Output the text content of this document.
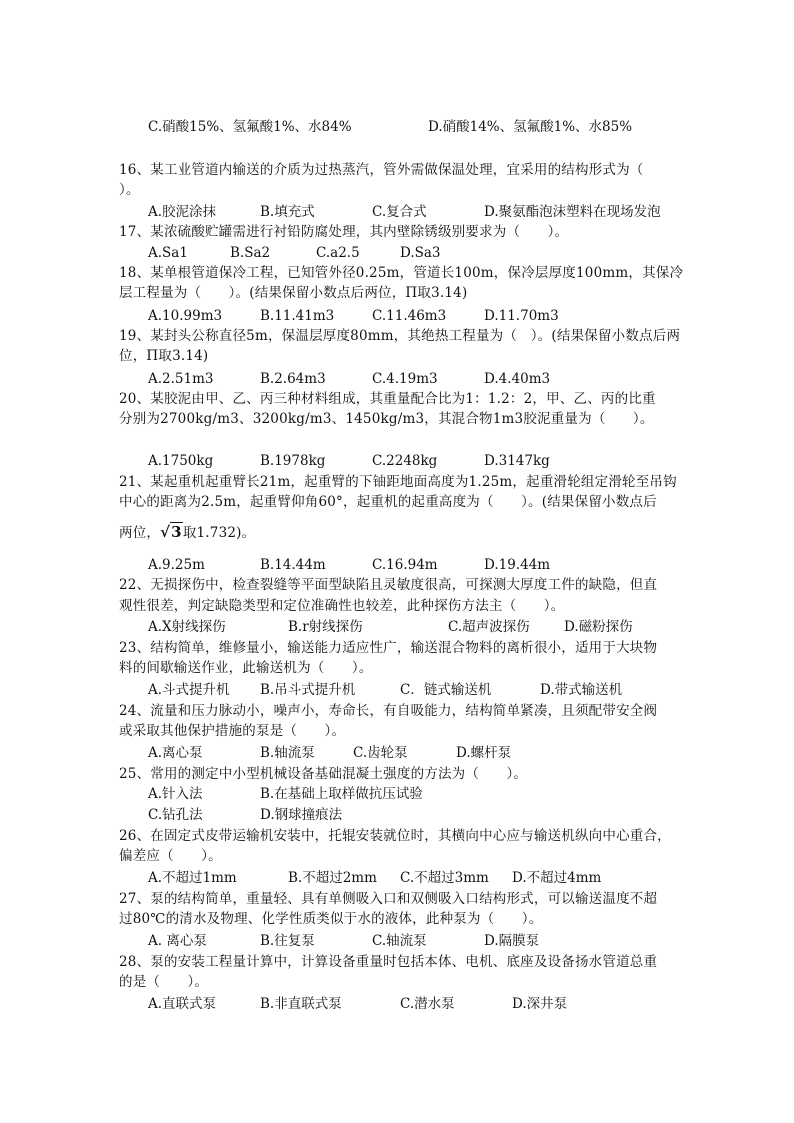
C.硝酸15%、氢氟酸1%、水84%	D.硝酸14%、氢氟酸1%、水85%
16、某工业管道内输送的介质为过热蒸汽，管外需做保温处理，宜采用的结构形式为（
）。
A.胶泥涂抹	B.填充式	C.复合式	D.聚氨酯泡沫塑料在现场发泡
17、某浓硫酸贮罐需进行衬铅防腐处理，其内壁除锈级别要求为（　　）。
A.Sa1	B.Sa2	C.a2.5	D.Sa3
18、某单根管道保冷工程，已知管外径0.25m，管道长100m，保冷层厚度100mm，其保冷
层工程量为（　　）。(结果保留小数点后两位，Π取3.14)
A.10.99m3	B.11.41m3	C.11.46m3	D.11.70m3
19、某封头公称直径5m，保温层厚度80mm，其绝热工程量为（　）。(结果保留小数点后两
位，Π取3.14)
A.2.51m3	B.2.64m3	C.4.19m3	D.4.40m3
20、某胶泥由甲、乙、丙三种材料组成，其重量配合比为1：1.2：2，甲、乙、丙的比重
分别为2700kg/m3、3200kg/m3、1450kg/m3，其混合物1m3胶泥重量为（　　）。
A.1750kg	B.1978kg	C.2248kg	D.3147kg
21、某起重机起重臂长21m，起重臂的下铀距地面高度为1.25m，起重滑轮组定滑轮至吊钩
中心的距离为2.5m，起重臂仰角60°，起重机的起重高度为（　　）。(结果保留小数点后
两位，√3取1.732)。
A.9.25m	B.14.44m	C.16.94m	D.19.44m
22、无损探伤中，检查裂缝等平面型缺陷且灵敏度很高，可探测大厚度工件的缺隐，但直
观性很差，判定缺隐类型和定位准确性也较差，此种探伤方法主（　　）。
A.X射线探伤	B.r射线探伤	C.超声波探伤	D.磁粉探伤
23、结构简单，维修量小，输送能力适应性广，输送混合物料的离析很小，适用于大块物
料的间歇输送作业，此输送机为（　　）。
A.斗式提升机 B.吊斗式提升机	C．链式输送机	D.带式输送机
24、流量和压力脉动小，噪声小，寿命长，有自吸能力，结构简单紧凑，且须配带安全阀
或采取其他保护措施的泵是（　　）。
A.离心泵	B.轴流泵	C.齿轮泵	D.螺杆泵
25、常用的测定中小型机械设备基础混凝土强度的方法为（　　）。
A.针入法	B.在基础上取样做抗压试验
C.钻孔法	D.钢球撞痕法
26、在固定式皮带运输机安装中，托辊安装就位时，其横向中心应与输送机纵向中心重合，
偏差应（　　）。
A.不超过1mm	B.不超过2mm C.不超过3mm D.不超过4mm
27、泵的结构简单，重量轻、具有单侧吸入口和双侧吸入口结构形式，可以输送温度不超
过80℃的清水及物理、化学性质类似于水的液体，此种泵为（　　）。
A. 离心泵	B.往复泵	C.轴流泵	D.隔膜泵
28、泵的安装工程量计算中，计算设备重量时包括本体、电机、底座及设备扬水管道总重
的是（　　）。
A.直联式泵	B.非直联式泵	C.潜水泵	D.深井泵
